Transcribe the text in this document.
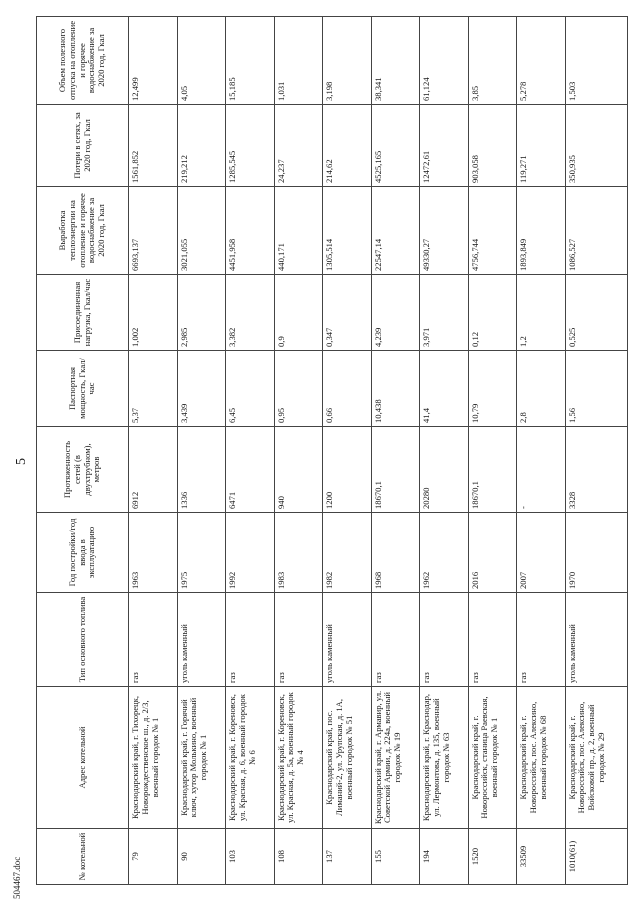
5
504467.doc	№ котельной	Адрес котельной	Тип основного топлива	Год постройки/год ввода в эксплуатацию	Протяженность сетей (в двухтрубном), метров	Паспортная мощность, Гкал/час	Присоединенная нагрузка, Гкал/час	Выработка теплоэнергии на отопление и горячее водоснабжение за 2020 год, Гкал	Потери в сетях, за 2020 год, Гкал	Объем полезного отпуска на отопление и горячее водоснабжение за 2020 год, Гкал
79	Краснодарский край, г. Тихорецк, Новорождественское ш., д. 2/3, военный городок № 1	газ	1963	6912	5,37	1,002	6693,137	1561,852	12,499
90	Краснодарский край, г. Горячий ключ, хутор Молькино, военный городок № 1	уголь каменный	1975	1336	3,439	2,985	3021,055	219,212	4,05
103	Краснодарский край, г. Кореновск, ул. Красная, д. 6, военный городок № 6	газ	1992	6471	6,45	3,382	4451,958	1285,545	15,185
108	Краснодарский край, г. Кореновск, ул. Красная, д. 5а, военный городок № 4	газ	1983	940	0,95	0,9	440,171	24,237	1,031
137	Краснодарский край, пос. Лиманий-2, ул. Урупская, д. 1А, военный городок № 51	уголь каменный	1982	1200	0,66	0,347	1305,514	214,62	3,198
155	Краснодарский край, г. Армавир, ул. Советской Армии, д. 224а, военный городок № 19	газ	1968	18670,1	10,438	4,239	22547,14	4525,165	38,341
194	Краснодарский край, г. Краснодар, ул. Лермонтова, д. 135, военный городок № 63	газ	1962	20280	41,4	3,971	49330,27	12472,61	61,124
1520	Краснодарский край, г. Новороссийск, станица Раевская, военный городок № 1	газ	2016	18670,1	10,79	0,12	4756,744	903,058	3,85
33509	Краснодарский край, г. Новороссийск, пос. Алексино, военный городок № 68	газ	2007	-	2,8	1,2	1893,849	119,271	5,278
1010(61)	Краснодарский край, г. Новороссийск, пос. Алексино, Войсковой пр., д. 2, военный городок № 29	уголь каменный	1970	3328	1,56	0,525	1086,527	350,935	1,503
